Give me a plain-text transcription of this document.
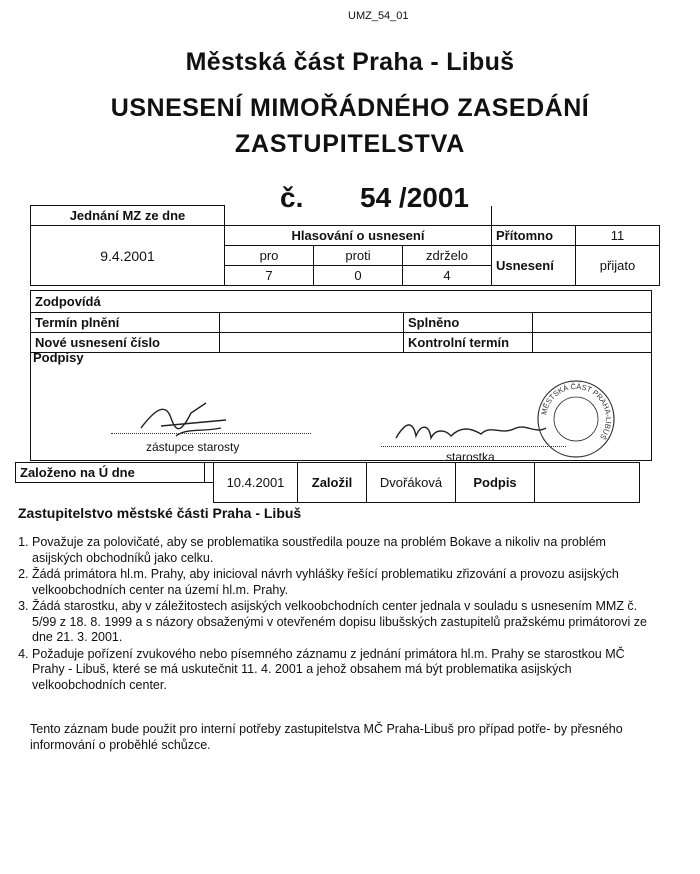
UMZ_54_01
Městská část Praha - Libuš
USNESENÍ MIMOŘÁDNÉHO ZASEDÁNÍ
ZASTUPITELSTVA
č. 54 /2001
Jednání MZ ze dne					
9.4.2001	Hlasování o usnesení			Přítomno	11
	pro	proti	zdrželo	Usnesení	přijato
	7	0	4		
Zodpovídá			
Termín plnění		Splněno	
Nové usnesení číslo		Kontrolní termín	
Podpisy
zástupce starosty
starostka
MĚSTSKÁ ČÁST PRAHA-LIBUŠ
Založeno na Ú dne		10.4.2001	Založil	Dvořáková	Podpis	

Zastupitelstvo městské části Praha - Libuš
1. Považuje za polovičaté, aby se problematika soustředila pouze na problém Bokave a nikoliv na problém asijských obchodníků jako celku.
2. Žádá primátora hl.m. Prahy, aby inicioval návrh vyhlášky řešící problematiku zřizování a provozu asijských velkoobchodních center na území hl.m. Prahy.
3. Žádá starostku, aby v záležitostech asijských velkoobchodních center jednala v souladu s usnesením MMZ č. 5/99 z 18. 8. 1999 a s názory obsaženými v otevřeném dopisu libušských zastupitelů pražskému primátorovi ze dne 21. 3. 2001.
4. Požaduje pořízení zvukového nebo písemného záznamu z jednání primátora hl.m. Prahy se starostkou MČ Prahy - Libuš, které se má uskutečnit 11. 4. 2001 a jehož obsahem má být problematika asijských velkoobchodních center.
Tento záznam bude použit pro interní potřeby zastupitelstva MČ Praha-Libuš pro případ potře- by přesného informování o proběhlé schůzce.
